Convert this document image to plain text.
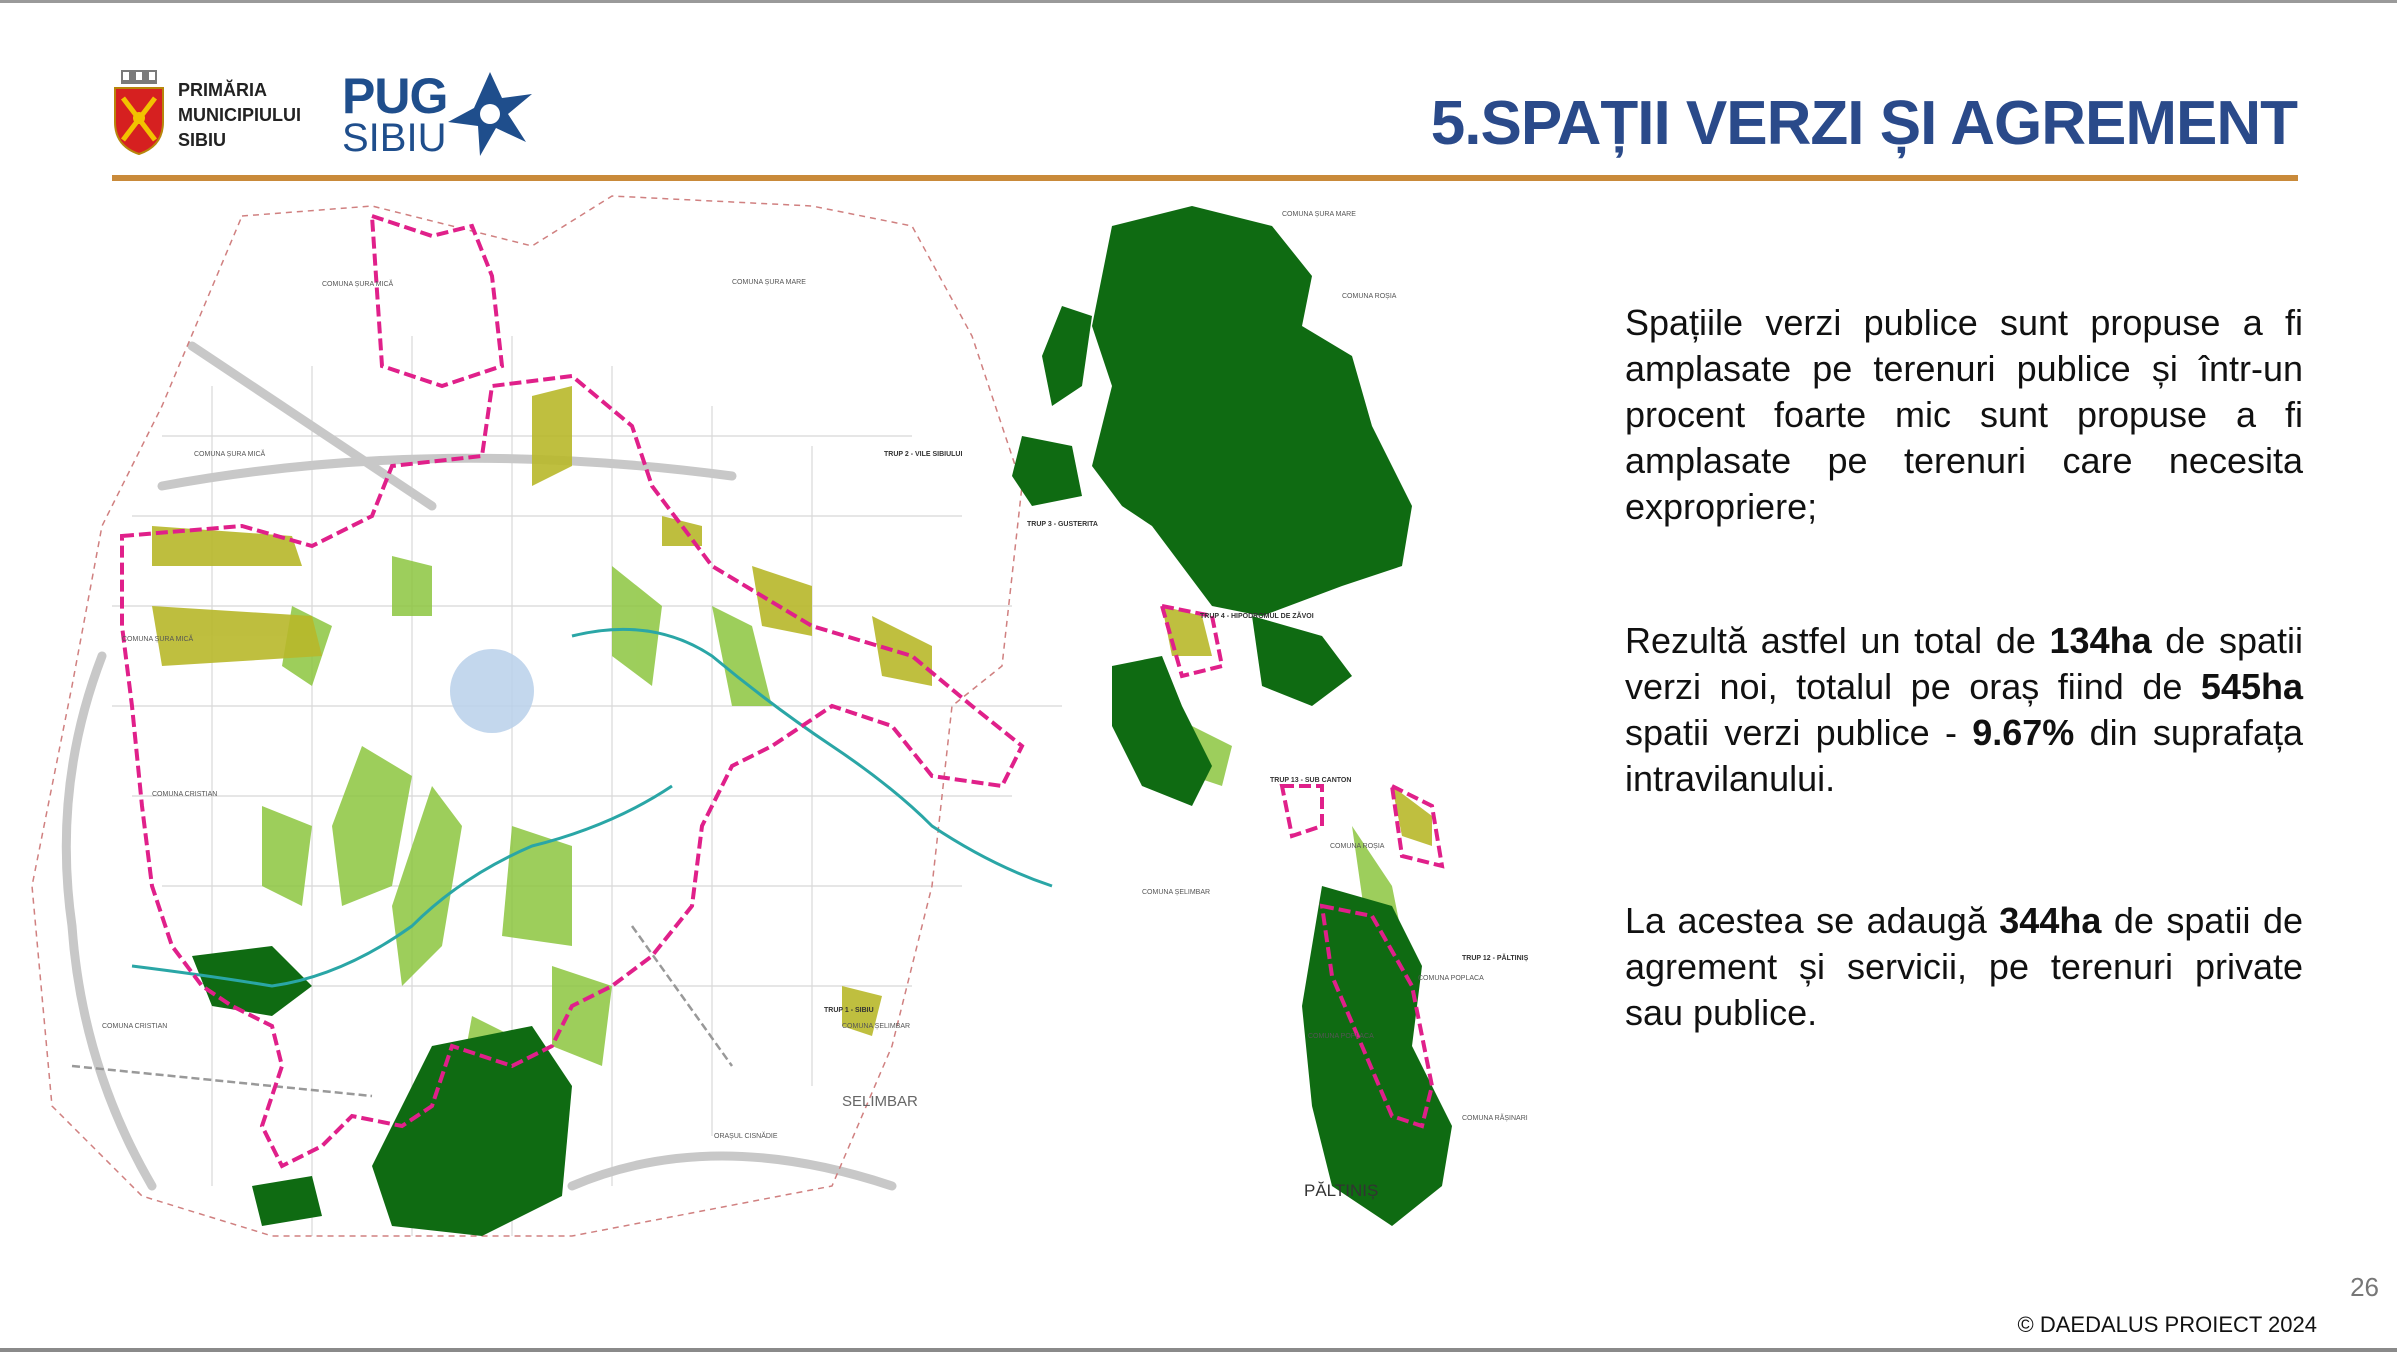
PRIMĂRIA
MUNICIPIULUI
SIBIU
PUG
SIBIU	5.SPAȚII VERZI ȘI AGREMENT
COMUNA ȘURA MICĂ	COMUNA ȘURA MARE
COMUNA ROȘIA
COMUNA ȘURA MARE
COMUNA ȘURA MICĂ
COMUNA ȘURA MICĂ
COMUNA CRISTIAN
COMUNA CRISTIAN
COMUNA ROȘIA
COMUNA ȘELIMBAR
COMUNA ȘELIMBAR
COMUNA POPLACA
COMUNA POPLACA
COMUNA RĂȘINARI
ORAȘUL CISNĂDIE
TRUP 2 - VILE SIBIULUI
TRUP 3 - GUSTERITA
TRUP 4 - HIPODROMUL DE ZĂVOI
TRUP 13 - SUB CANTON
TRUP 12 - PĂLTINIȘ
TRUP 1 - SIBIU
SELIMBAR
PĂLTINIȘ
Spațiile verzi publice sunt propuse a fi amplasate pe terenuri publice și într-un procent foarte mic sunt propuse a fi amplasate pe terenuri care necesita expropriere;
Rezultă astfel un total de 134ha de spatii verzi noi, totalul pe oraș fiind de 545ha spatii verzi publice - 9.67% din suprafața intravilanului.
La acestea se adaugă 344ha de spatii de agrement și servicii, pe terenuri private sau publice.
26
© DAEDALUS PROIECT 2024
